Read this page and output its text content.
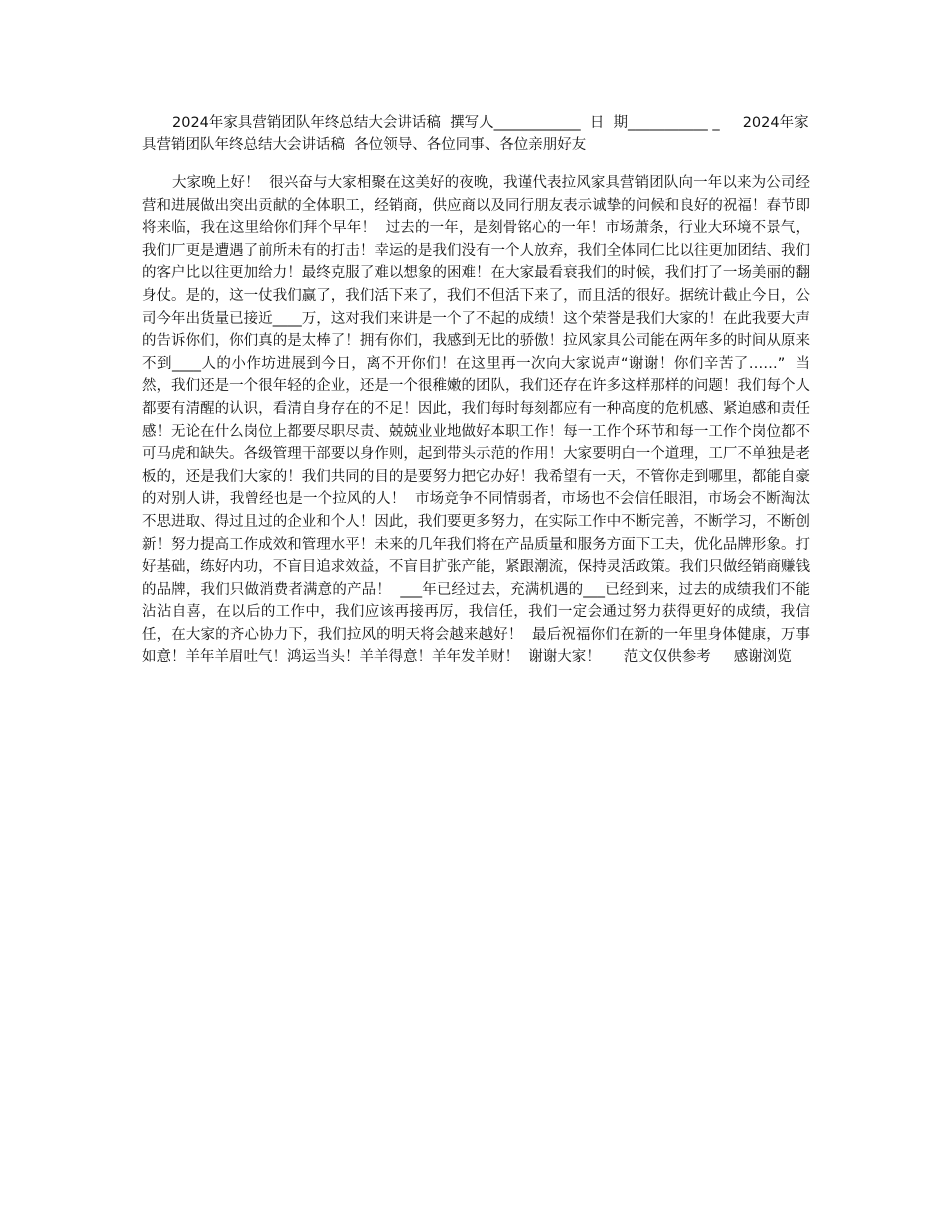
2024年家具营销团队年终总结大会讲话稿  撰写人____________  日  期___________ _     2024年家具营销团队年终总结大会讲话稿  各位领导、各位同事、各位亲朋好友

大家晚上好！  很兴奋与大家相聚在这美好的夜晚，我谨代表拉风家具营销团队向一年以来为公司经营和进展做出突出贡献的全体职工，经销商，供应商以及同行朋友表示诚挚的问候和良好的祝福！春节即将来临，我在这里给你们拜个早年！  过去的一年，是刻骨铭心的一年！市场萧条，行业大环境不景气，我们厂更是遭遇了前所未有的打击！幸运的是我们没有一个人放弃，我们全体同仁比以往更加团结、我们的客户比以往更加给力！最终克服了难以想象的困难！在大家最看衰我们的时候，我们打了一场美丽的翻身仗。是的，这一仗我们赢了，我们活下来了，我们不但活下来了，而且活的很好。据统计截止今日，公司今年出货量已接近____万，这对我们来讲是一个了不起的成绩！这个荣誉是我们大家的！在此我要大声的告诉你们，你们真的是太棒了！拥有你们，我感到无比的骄傲！拉风家具公司能在两年多的时间从原来不到____人的小作坊进展到今日，离不开你们！在这里再一次向大家说声“谢谢！你们辛苦了……”  当然，我们还是一个很年轻的企业，还是一个很稚嫩的团队，我们还存在许多这样那样的问题！我们每个人都要有清醒的认识，看清自身存在的不足！因此，我们每时每刻都应有一种高度的危机感、紧迫感和责任感！无论在什么岗位上都要尽职尽责、兢兢业业地做好本职工作！每一工作个环节和每一工作个岗位都不可马虎和缺失。各级管理干部要以身作则，起到带头示范的作用！大家要明白一个道理，工厂不单独是老板的，还是我们大家的！我们共同的目的是要努力把它办好！我希望有一天，不管你走到哪里，都能自豪的对别人讲，我曾经也是一个拉风的人！  市场竞争不同情弱者，市场也不会信任眼泪，市场会不断淘汰不思进取、得过且过的企业和个人！因此，我们要更多努力，在实际工作中不断完善，不断学习，不断创新！努力提高工作成效和管理水平！未来的几年我们将在产品质量和服务方面下工夫，优化品牌形象。打好基础，练好内功，不盲目追求效益，不盲目扩张产能，紧跟潮流，保持灵活政策。我们只做经销商赚钱的品牌，我们只做消费者满意的产品！  ___年已经过去，充满机遇的___已经到来，过去的成绩我们不能沾沾自喜，在以后的工作中，我们应该再接再厉，我信任，我们一定会通过努力获得更好的成绩，我信任，在大家的齐心协力下，我们拉风的明天将会越来越好！  最后祝福你们在新的一年里身体健康，万事如意！羊年羊眉吐气！鸿运当头！羊羊得意！羊年发羊财！  谢谢大家！     范文仅供参考     感谢浏览
